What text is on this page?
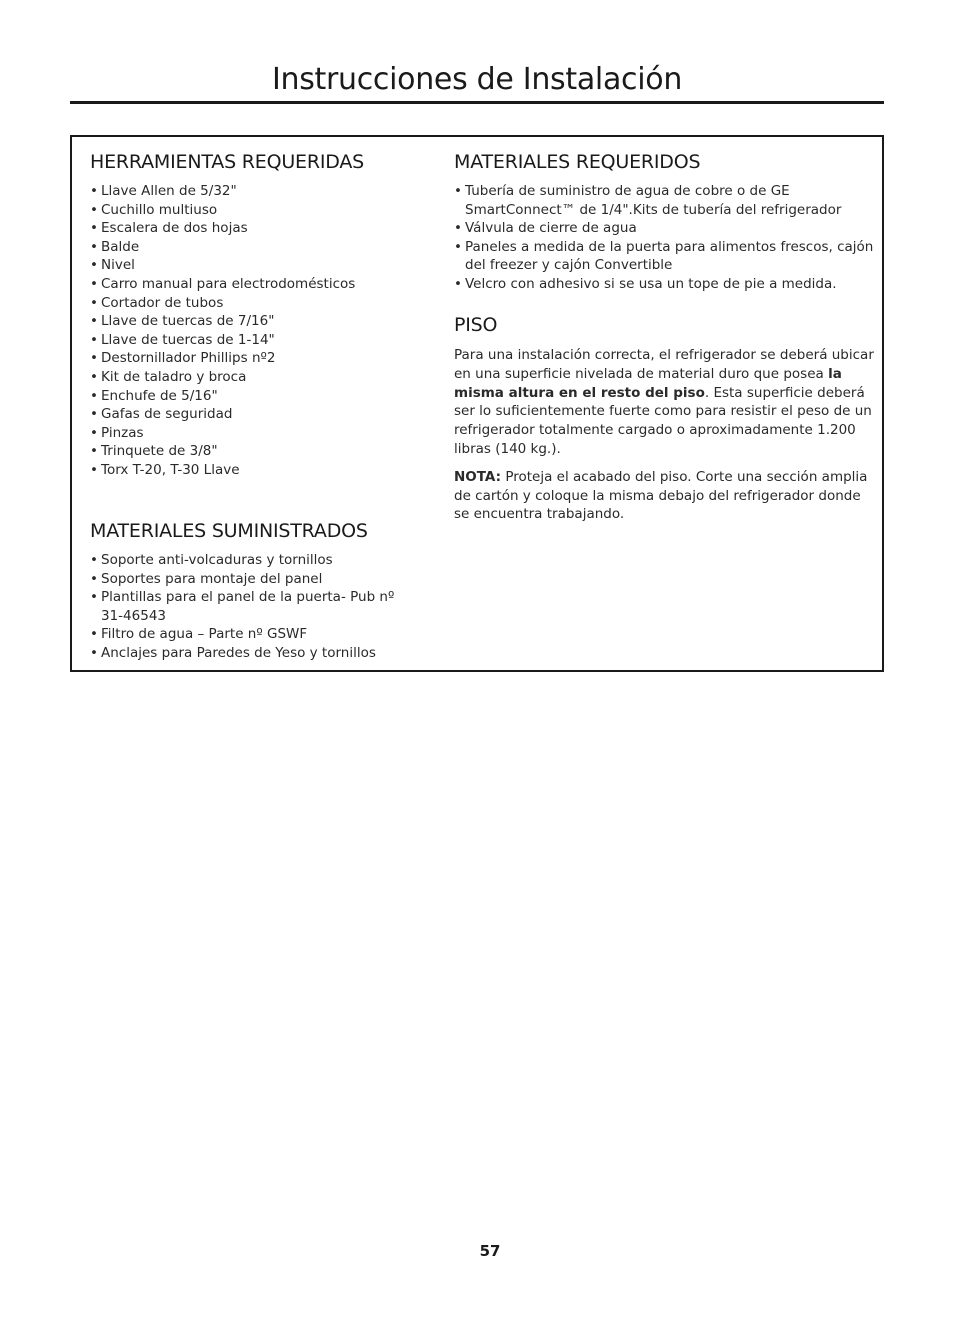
Instrucciones de Instalación
HERRAMIENTAS REQUERIDAS
• Llave Allen de 5/32"
• Cuchillo multiuso
• Escalera de dos hojas
• Balde
• Nivel
• Carro manual para electrodomésticos
• Cortador de tubos
• Llave de tuercas de 7/16"
• Llave de tuercas de 1-14"
• Destornillador Phillips nº2
• Kit de taladro y broca
• Enchufe de 5/16"
• Gafas de seguridad
• Pinzas
• Trinquete de 3/8"
• Torx T-20, T-30 Llave
MATERIALES SUMINISTRADOS
• Soporte anti-volcaduras y tornillos
• Soportes para montaje del panel
• Plantillas para el panel de la puerta- Pub nº 31-46543
• Filtro de agua – Parte nº GSWF
• Anclajes para Paredes de Yeso y tornillos
MATERIALES REQUERIDOS
• Tubería de suministro de agua de cobre o de GE SmartConnect™ de 1/4".Kits de tubería del refrigerador
• Válvula de cierre de agua
• Paneles a medida de la puerta para alimentos frescos, cajón del freezer y cajón Convertible
• Velcro con adhesivo si se usa un tope de pie a medida.
PISO

Para una instalación correcta, el refrigerador se deberá ubicar en una superficie nivelada de material duro que posea la misma altura en el resto del piso. Esta superficie deberá ser lo suficientemente fuerte como para resistir el peso de un refrigerador totalmente cargado o aproximadamente 1.200 libras (140 kg.).

NOTA: Proteja el acabado del piso. Corte una sección amplia de cartón y coloque la misma debajo del refrigerador donde se encuentra trabajando.

57
